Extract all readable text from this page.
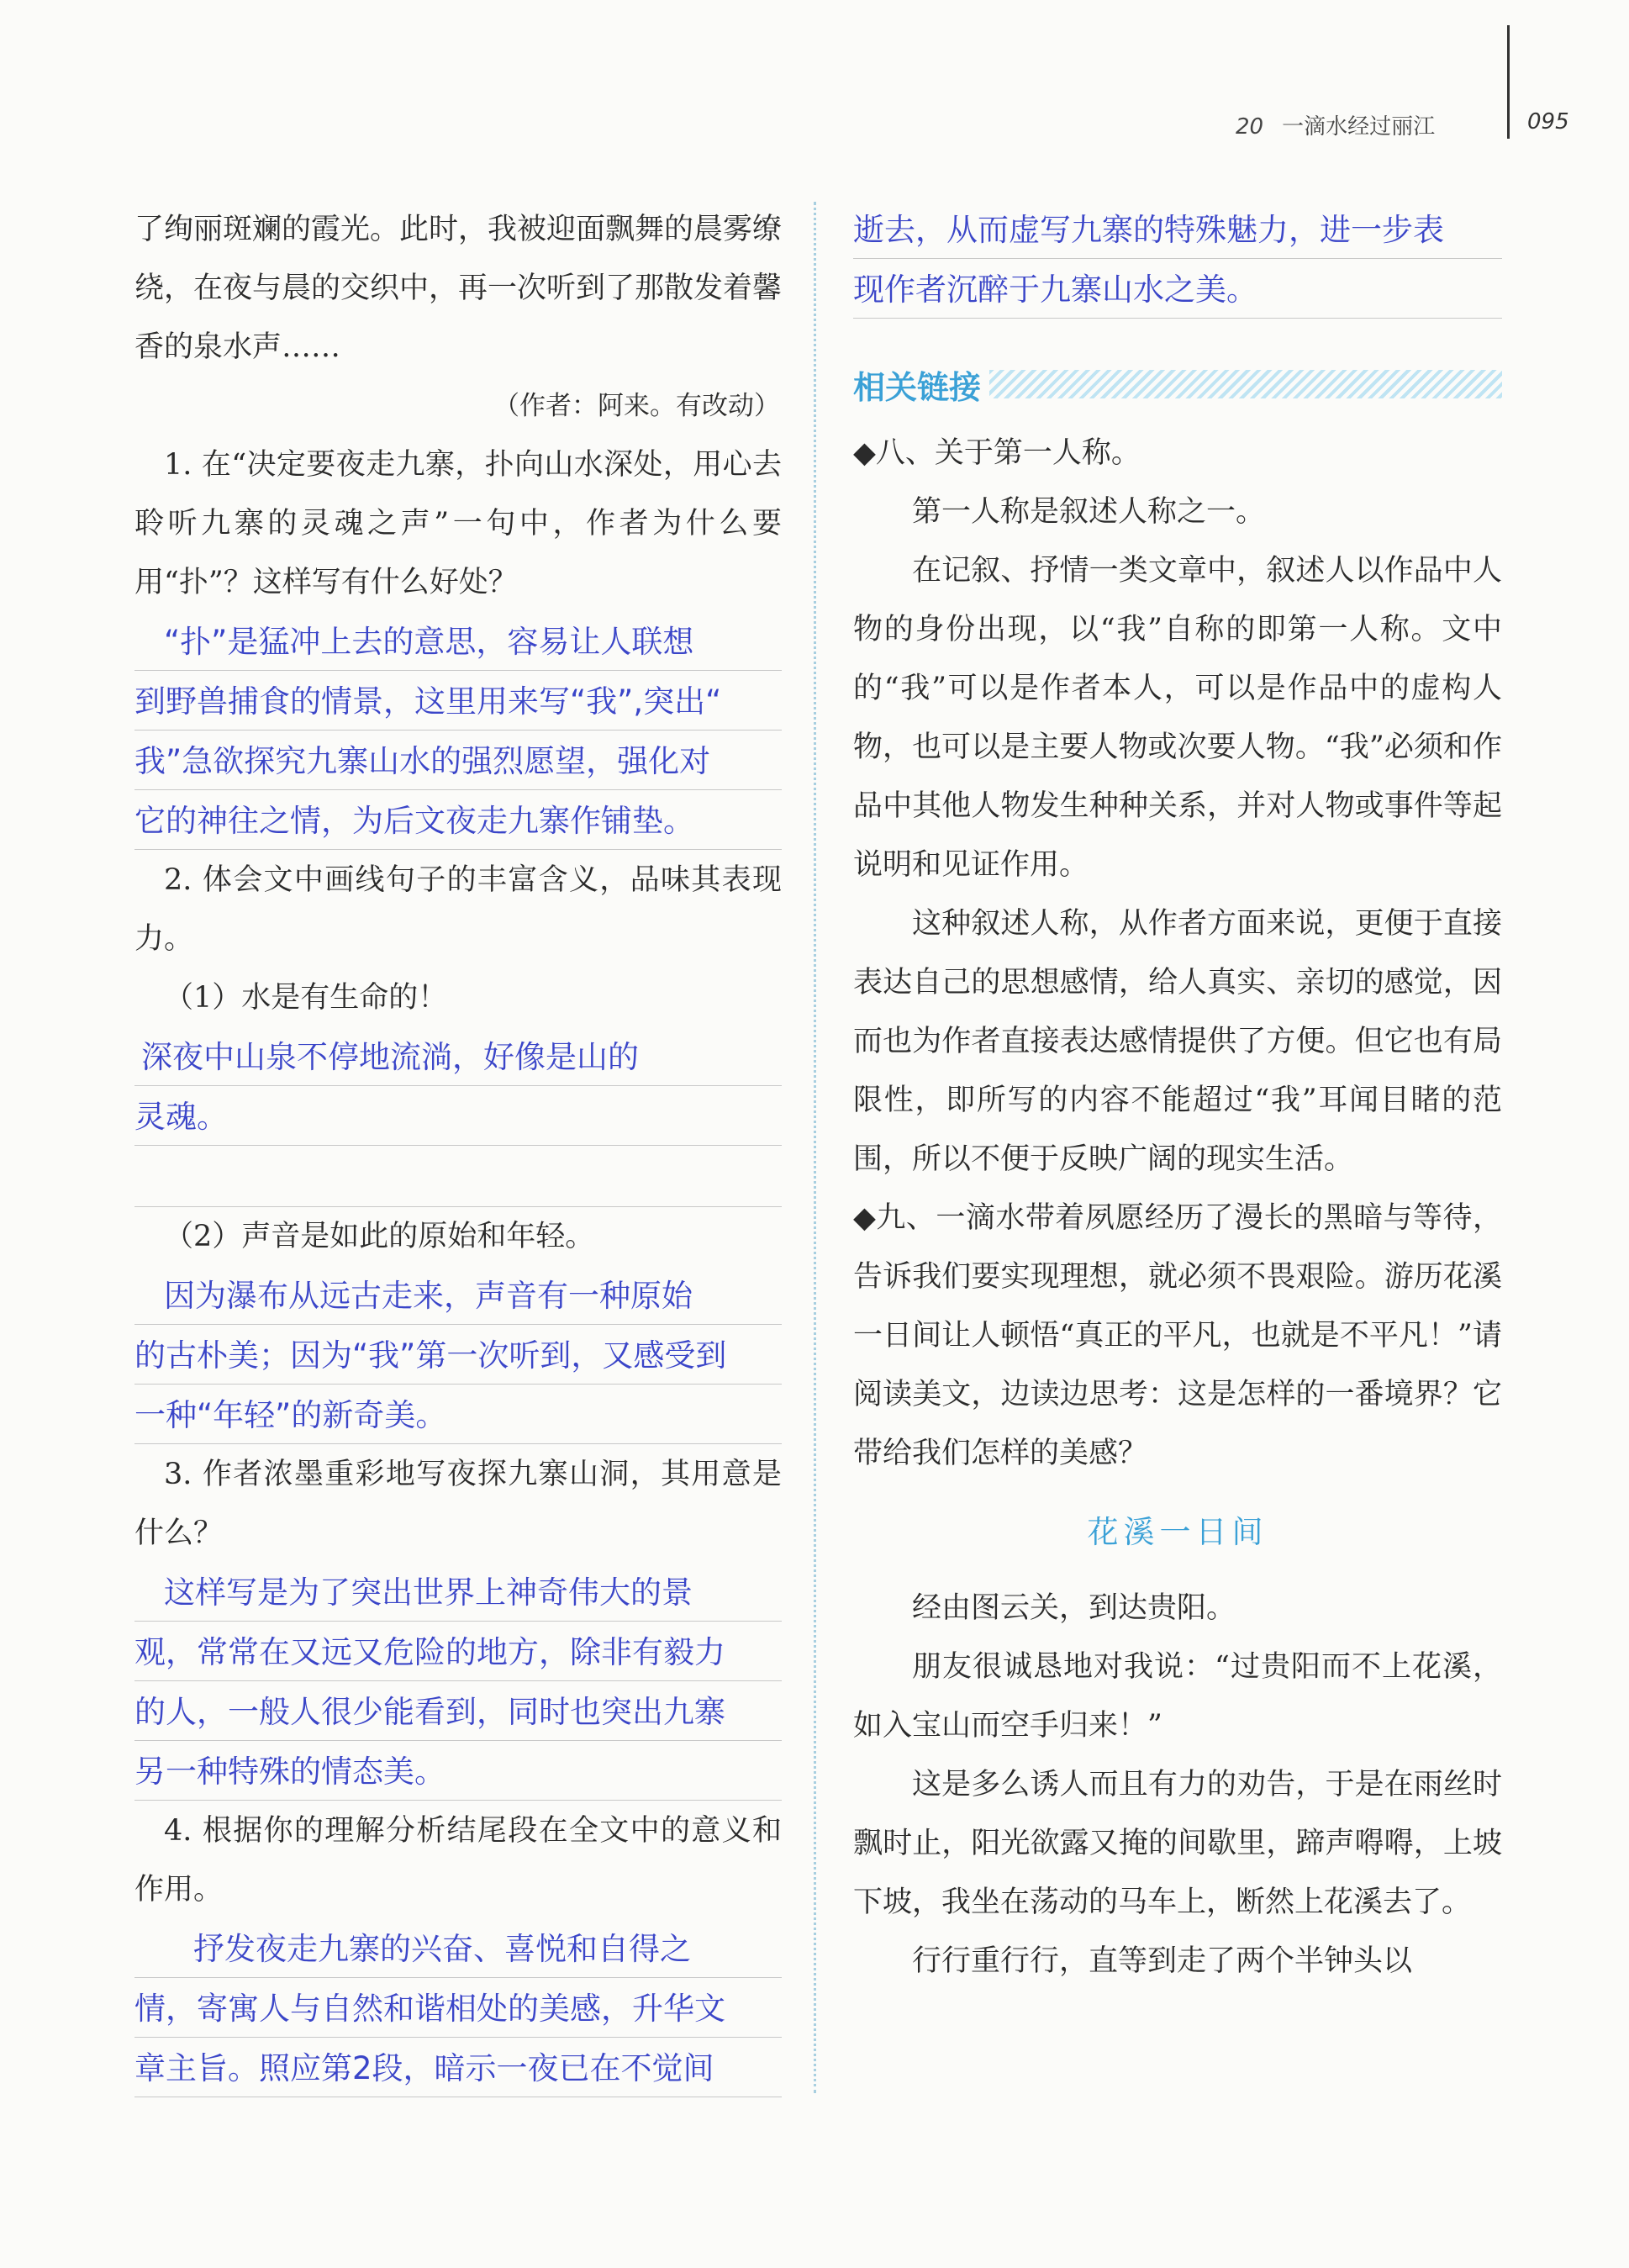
20 一滴水经过丽江	095

了绚丽斑斓的霞光。此时，我被迎面飘舞的晨雾缭绕，在夜与晨的交织中，再一次听到了那散发着馨香的泉水声……

（作者：阿来。有改动）

1. 在“决定要夜走九寨，扑向山水深处，用心去聆听九寨的灵魂之声”一句中，作者为什么要用“扑”？这样写有什么好处？

“扑”是猛冲上去的意思，容易让人联想

到野兽捕食的情景，这里用来写“我”,突出“

我”急欲探究九寨山水的强烈愿望，强化对

它的神往之情，为后文夜走九寨作铺垫。

2. 体会文中画线句子的丰富含义，品味其表现力。

（1）水是有生命的！

深夜中山泉不停地流淌，好像是山的

灵魂。

（2）声音是如此的原始和年轻。

因为瀑布从远古走来，声音有一种原始

的古朴美；因为“我”第一次听到，又感受到

一种“年轻”的新奇美。

3. 作者浓墨重彩地写夜探九寨山洞，其用意是什么？

这样写是为了突出世界上神奇伟大的景

观，常常在又远又危险的地方，除非有毅力

的人，一般人很少能看到，同时也突出九寨

另一种特殊的情态美。

4. 根据你的理解分析结尾段在全文中的意义和作用。

抒发夜走九寨的兴奋、喜悦和自得之

情，寄寓人与自然和谐相处的美感，升华文

章主旨。照应第2段，暗示一夜已在不觉间

逝去，从而虚写九寨的特殊魅力，进一步表

现作者沉醉于九寨山水之美。

相关链接

◆八、关于第一人称。

第一人称是叙述人称之一。

在记叙、抒情一类文章中，叙述人以作品中人物的身份出现，以“我”自称的即第一人称。文中的“我”可以是作者本人，可以是作品中的虚构人物，也可以是主要人物或次要人物。“我”必须和作品中其他人物发生种种关系，并对人物或事件等起说明和见证作用。

这种叙述人称，从作者方面来说，更便于直接表达自己的思想感情，给人真实、亲切的感觉，因而也为作者直接表达感情提供了方便。但它也有局限性，即所写的内容不能超过“我”耳闻目睹的范围，所以不便于反映广阔的现实生活。

◆九、一滴水带着夙愿经历了漫长的黑暗与等待，告诉我们要实现理想，就必须不畏艰险。游历花溪一日间让人顿悟“真正的平凡，也就是不平凡！”请阅读美文，边读边思考：这是怎样的一番境界？它带给我们怎样的美感？

花溪一日间

经由图云关，到达贵阳。

朋友很诚恳地对我说：“过贵阳而不上花溪，如入宝山而空手归来！”

这是多么诱人而且有力的劝告，于是在雨丝时飘时止，阳光欲露又掩的间歇里，蹄声嘚嘚，上坡下坡，我坐在荡动的马车上，断然上花溪去了。

行行重行行，直等到走了两个半钟头以
